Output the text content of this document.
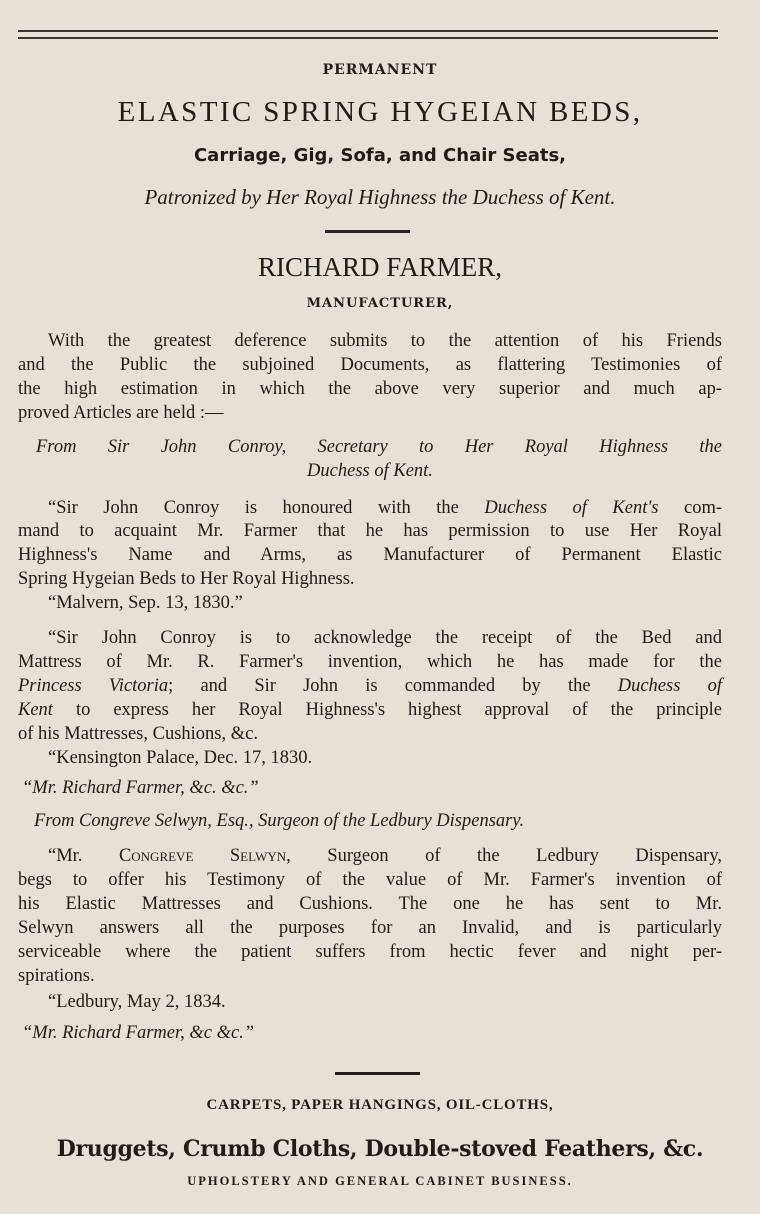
PERMANENT
ELASTIC SPRING HYGEIAN BEDS,
Carriage, Gig, Sofa, and Chair Seats,
Patronized by Her Royal Highness the Duchess of Kent.
RICHARD FARMER,
MANUFACTURER,
With the greatest deference submits to the attention of his Friends
and the Public the subjoined Documents, as flattering Testimonies of
the high estimation in which the above very superior and much ap-
proved Articles are held :—
From Sir John Conroy, Secretary to Her Royal Highness the
Duchess of Kent.
“Sir John Conroy is honoured with the Duchess of Kent's com-
mand to acquaint Mr. Farmer that he has permission to use Her Royal
Highness's Name and Arms, as Manufacturer of Permanent Elastic
Spring Hygeian Beds to Her Royal Highness.
“Malvern, Sep. 13, 1830.”
“Sir John Conroy is to acknowledge the receipt of the Bed and
Mattress of Mr. R. Farmer's invention, which he has made for the
Princess Victoria; and Sir John is commanded by the Duchess of
Kent to express her Royal Highness's highest approval of the principle
of his Mattresses, Cushions, &c.
“Kensington Palace, Dec. 17, 1830.
“Mr. Richard Farmer, &c. &c.”
From Congreve Selwyn, Esq., Surgeon of the Ledbury Dispensary.
“Mr. Congreve Selwyn, Surgeon of the Ledbury Dispensary,
begs to offer his Testimony of the value of Mr. Farmer's invention of
his Elastic Mattresses and Cushions. The one he has sent to Mr.
Selwyn answers all the purposes for an Invalid, and is particularly
serviceable where the patient suffers from hectic fever and night per-
spirations.
“Ledbury, May 2, 1834.
“Mr. Richard Farmer, &c &c.”
CARPETS, PAPER HANGINGS, OIL-CLOTHS,
Druggets, Crumb Cloths, Double-stoved Feathers, &c.
UPHOLSTERY AND GENERAL CABINET BUSINESS.
